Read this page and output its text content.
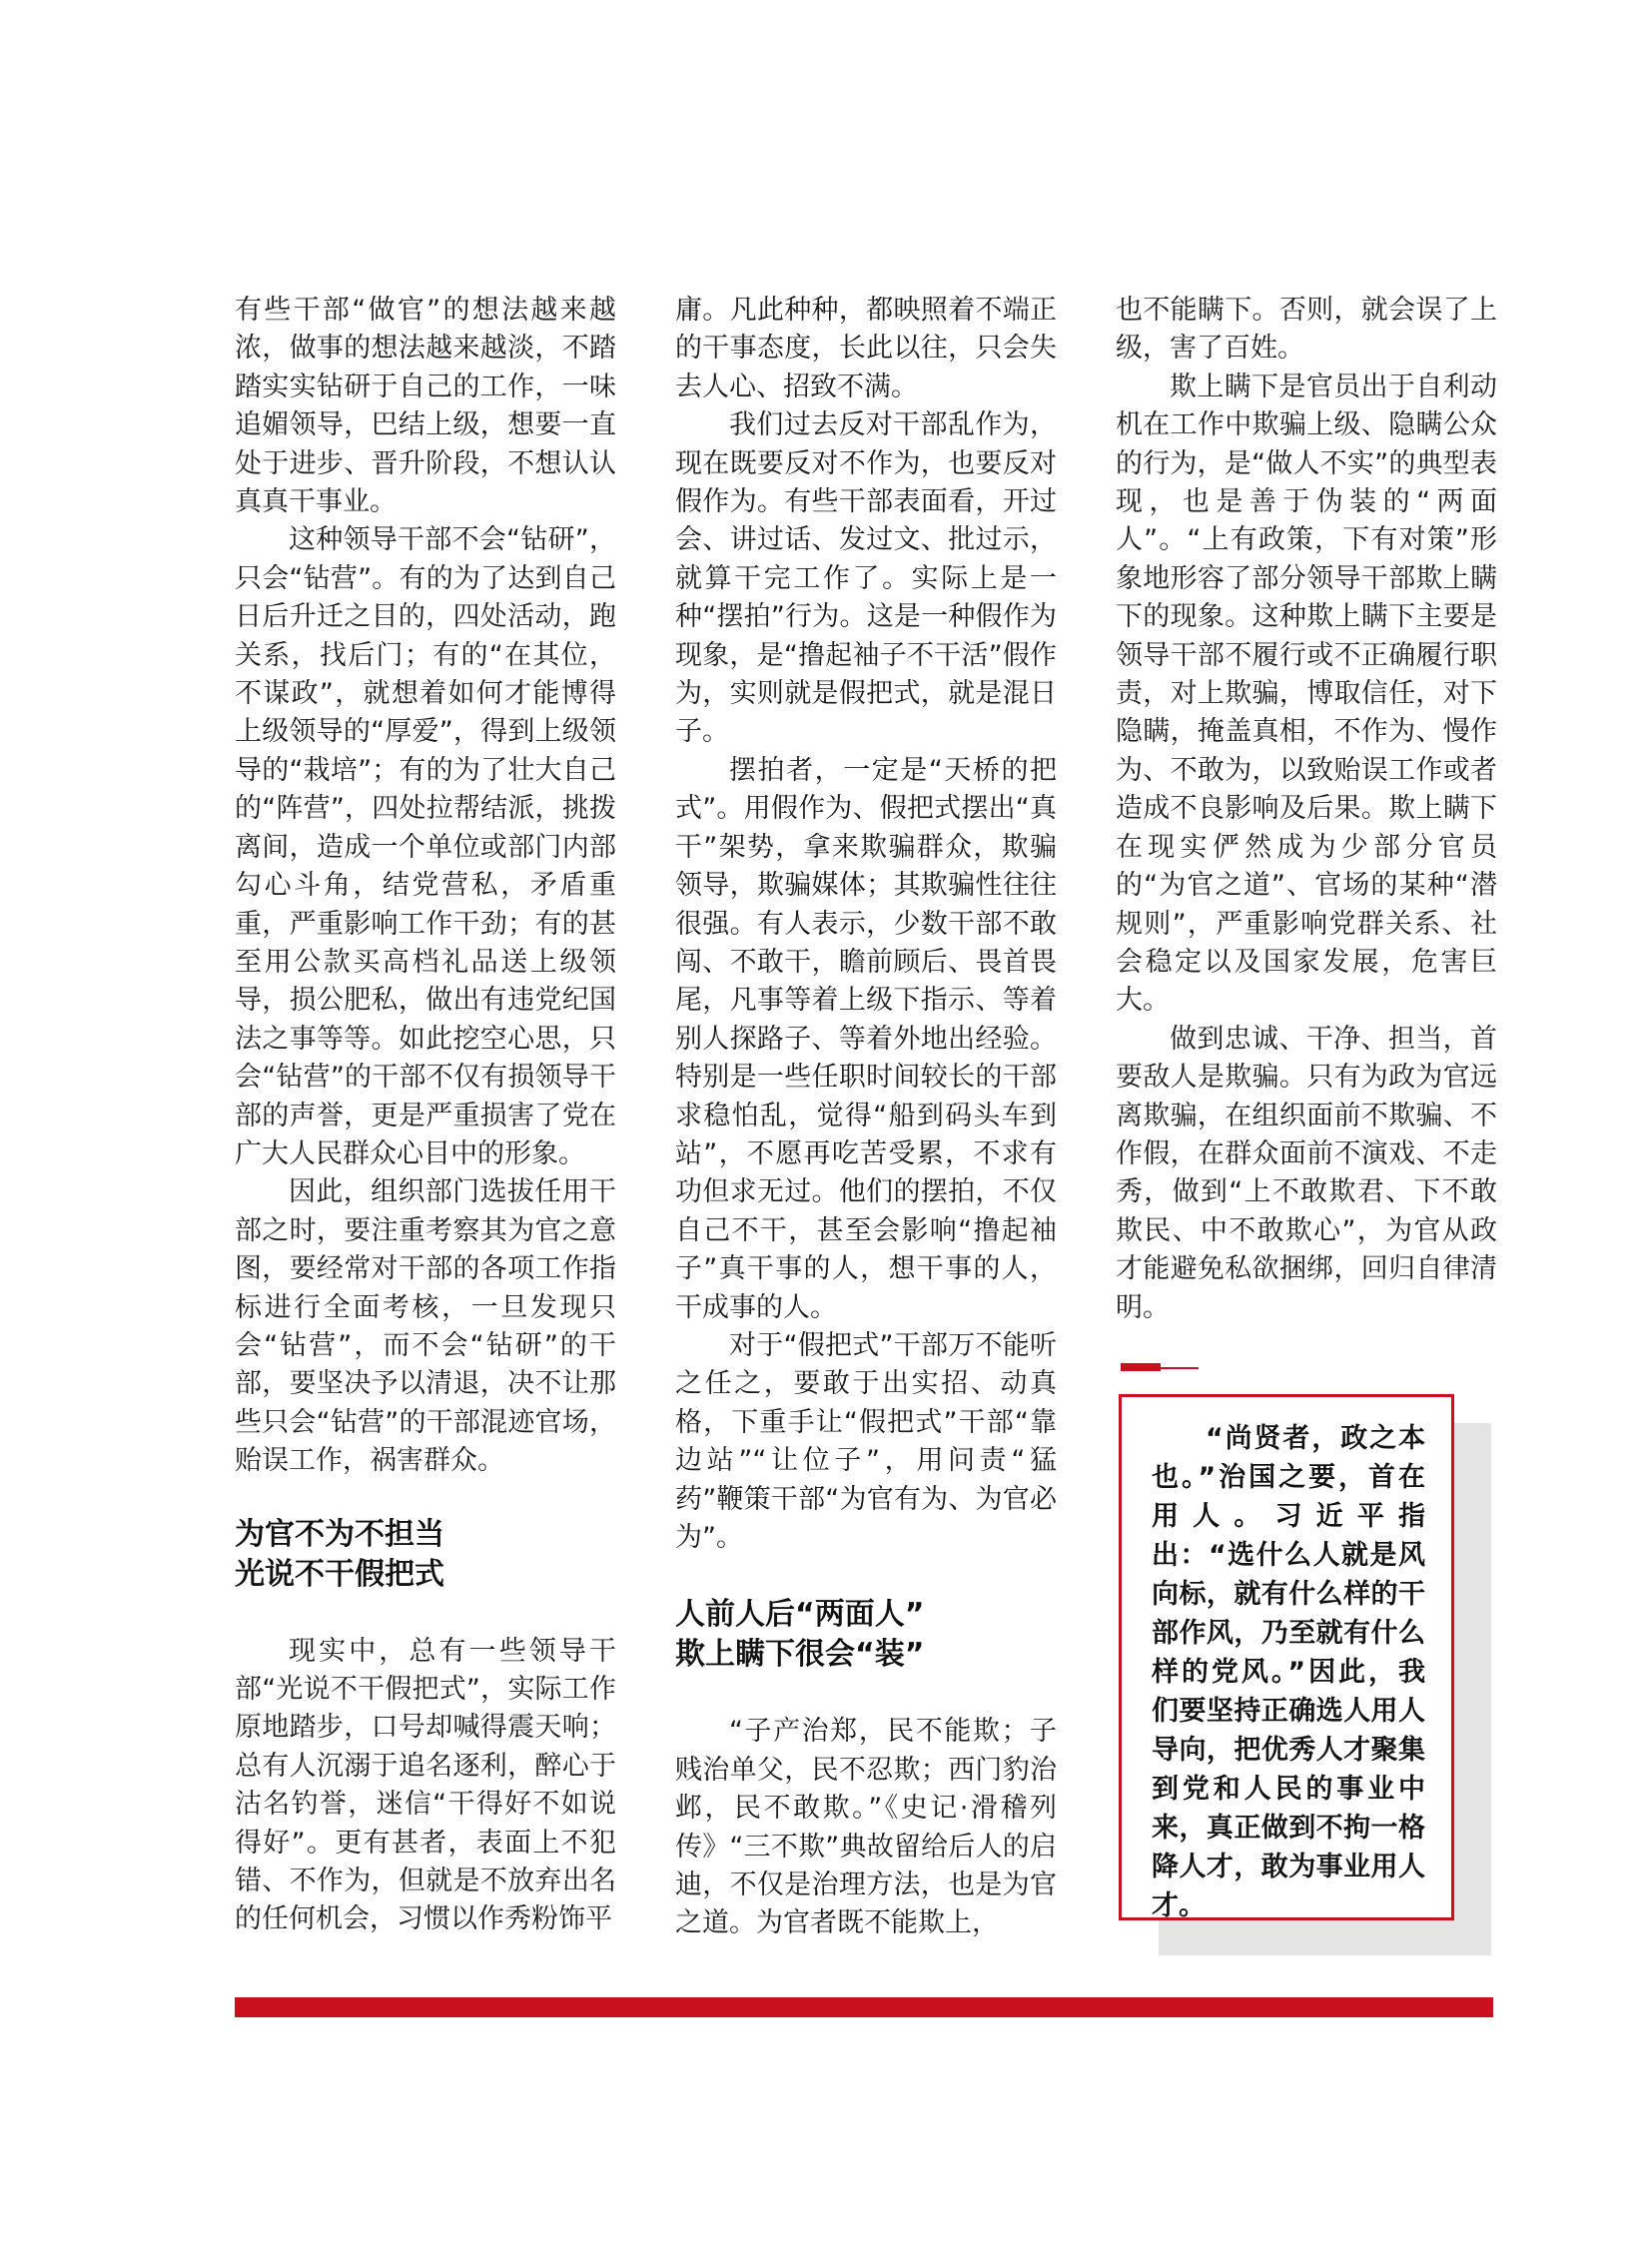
有些干部“做官”的想法越来越浓，做事的想法越来越淡，不踏踏实实钻研于自己的工作，一味追媚领导，巴结上级，想要一直处于进步、晋升阶段，不想认认真真干事业。

这种领导干部不会“钻研”，只会“钻营”。有的为了达到自己日后升迁之目的，四处活动，跑关系，找后门；有的“在其位，不谋政”，就想着如何才能博得上级领导的“厚爱”，得到上级领导的“栽培”；有的为了壮大自己的“阵营”，四处拉帮结派，挑拨离间，造成一个单位或部门内部勾心斗角，结党营私，矛盾重重，严重影响工作干劲；有的甚至用公款买高档礼品送上级领导，损公肥私，做出有违党纪国法之事等等。如此挖空心思，只会“钻营”的干部不仅有损领导干部的声誉，更是严重损害了党在广大人民群众心目中的形象。

因此，组织部门选拔任用干部之时，要注重考察其为官之意图，要经常对干部的各项工作指标进行全面考核，一旦发现只会“钻营”，而不会“钻研”的干部，要坚决予以清退，决不让那些只会“钻营”的干部混迹官场，贻误工作，祸害群众。

为官不为不担当
光说不干假把式

现实中，总有一些领导干部“光说不干假把式”，实际工作原地踏步，口号却喊得震天响；总有人沉溺于追名逐利，醉心于沽名钓誉，迷信“干得好不如说得好”。更有甚者，表面上不犯错、不作为，但就是不放弃出名的任何机会，习惯以作秀粉饰平

庸。凡此种种，都映照着不端正的干事态度，长此以往，只会失去人心、招致不满。

我们过去反对干部乱作为，现在既要反对不作为，也要反对假作为。有些干部表面看，开过会、讲过话、发过文、批过示，就算干完工作了。实际上是一种“摆拍”行为。这是一种假作为现象，是“撸起袖子不干活”假作为，实则就是假把式，就是混日子。

摆拍者，一定是“天桥的把式”。用假作为、假把式摆出“真干”架势，拿来欺骗群众，欺骗领导，欺骗媒体；其欺骗性往往很强。有人表示，少数干部不敢闯、不敢干，瞻前顾后、畏首畏尾，凡事等着上级下指示、等着别人探路子、等着外地出经验。特别是一些任职时间较长的干部求稳怕乱，觉得“船到码头车到站”，不愿再吃苦受累，不求有功但求无过。他们的摆拍，不仅自己不干，甚至会影响“撸起袖子”真干事的人，想干事的人，干成事的人。

对于“假把式”干部万不能听之任之，要敢于出实招、动真格，下重手让“假把式”干部“靠边站”“让位子”，用问责“猛药”鞭策干部“为官有为、为官必为”。

人前人后“两面人”
欺上瞒下很会“装”

“子产治郑，民不能欺；子贱治单父，民不忍欺；西门豹治邺，民不敢欺。”《史记·滑稽列传》“三不欺”典故留给后人的启迪，不仅是治理方法，也是为官之道。为官者既不能欺上，

也不能瞒下。否则，就会误了上级，害了百姓。

欺上瞒下是官员出于自利动机在工作中欺骗上级、隐瞒公众的行为，是“做人不实”的典型表现，也是善于伪装的“两面人”。“上有政策，下有对策”形象地形容了部分领导干部欺上瞒下的现象。这种欺上瞒下主要是领导干部不履行或不正确履行职责，对上欺骗，博取信任，对下隐瞒，掩盖真相，不作为、慢作为、不敢为，以致贻误工作或者造成不良影响及后果。欺上瞒下在现实俨然成为少部分官员的“为官之道”、官场的某种“潜规则”，严重影响党群关系、社会稳定以及国家发展，危害巨大。

做到忠诚、干净、担当，首要敌人是欺骗。只有为政为官远离欺骗，在组织面前不欺骗、不作假，在群众面前不演戏、不走秀，做到“上不敢欺君、下不敢欺民、中不敢欺心”，为官从政才能避免私欲捆绑，回归自律清明。

“尚贤者，政之本也。”治国之要，首在用人。习近平指出：“选什么人就是风向标，就有什么样的干部作风，乃至就有什么样的党风。”因此，我们要坚持正确选人用人导向，把优秀人才聚集到党和人民的事业中来，真正做到不拘一格降人才，敢为事业用人才。
